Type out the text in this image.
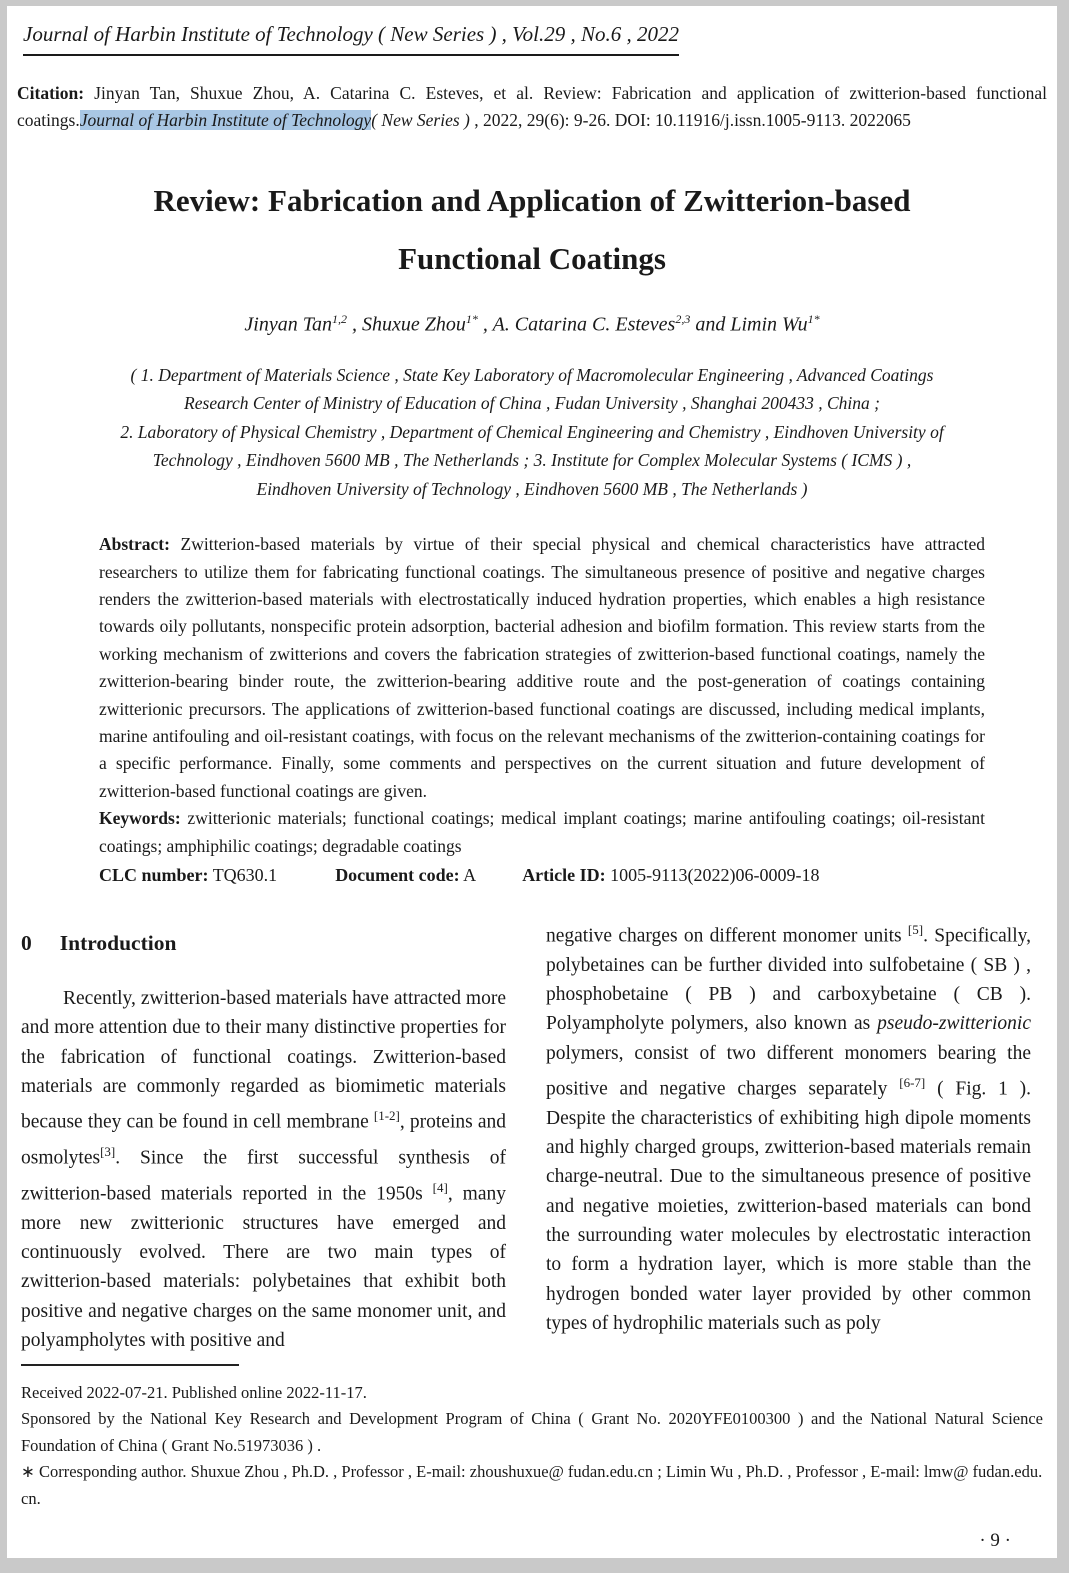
Journal of Harbin Institute of Technology ( New Series ) , Vol.29 , No.6 , 2022
Citation: Jinyan Tan, Shuxue Zhou, A. Catarina C. Esteves, et al. Review: Fabrication and application of zwitterion-based functional coatings.Journal of Harbin Institute of Technology( New Series ) , 2022, 29(6): 9-26. DOI: 10.11916/j.issn.1005-9113. 2022065
Review: Fabrication and Application of Zwitterion-based
Functional Coatings
Jinyan Tan$^{1,2}$ , Shuxue Zhou$^{1*}$ , A. Catarina C. Esteves$^{2,3}$ and Limin $Wu^{1*}$
( 1. Department of Materials Science , State Key Laboratory of Macromolecular Engineering , Advanced Coatings
Research Center of Ministry of Education of China , Fudan University , Shanghai 200433 , China ;
2. Laboratory of Physical Chemistry , Department of Chemical Engineering and Chemistry , Eindhoven University of
Technology , Eindhoven 5600 MB , The Netherlands ; 3. Institute for Complex Molecular Systems ( ICMS ) ,
Eindhoven University of Technology , Eindhoven 5600 MB , The Netherlands )
Abstract: Zwitterion-based materials by virtue of their special physical and chemical characteristics have attracted researchers to utilize them for fabricating functional coatings. The simultaneous presence of positive and negative charges renders the zwitterion-based materials with electrostatically induced hydration properties, which enables a high resistance towards oily pollutants, nonspecific protein adsorption, bacterial adhesion and biofilm formation. This review starts from the working mechanism of zwitterions and covers the fabrication strategies of zwitterion-based functional coatings, namely the zwitterion-bearing binder route, the zwitterion-bearing additive route and the post-generation of coatings containing zwitterionic precursors. The applications of zwitterion-based functional coatings are discussed, including medical implants, marine antifouling and oil-resistant coatings, with focus on the relevant mechanisms of the zwitterion-containing coatings for a specific performance. Finally, some comments and perspectives on the current situation and future development of zwitterion-based functional coatings are given.
Keywords: zwitterionic materials; functional coatings; medical implant coatings; marine antifouling coatings; oil-resistant coatings; amphiphilic coatings; degradable coatings
CLC number: TQ630.1	Document code: A	Article ID: 1005-9113(2022)06-0009-18
0 Introduction
Recently, zwitterion-based materials have attracted more and more attention due to their many distinctive properties for the fabrication of functional coatings. Zwitterion-based materials are commonly regarded as biomimetic materials because they can be found in cell membrane [1-2], proteins and osmolytes[3]. Since the first successful synthesis of zwitterion-based materials reported in the 1950s [4], many more new zwitterionic structures have emerged and continuously evolved. There are two main types of zwitterion-based materials: polybetaines that exhibit both positive and negative charges on the same monomer unit, and polyampholytes with positive and
negative charges on different monomer units [5]. Specifically, polybetaines can be further divided into sulfobetaine ( SB ) , phosphobetaine ( PB ) and carboxybetaine ( CB ). Polyampholyte polymers, also known as pseudo-zwitterionic polymers, consist of two different monomers bearing the positive and negative charges separately [6-7] ( Fig. 1 ). Despite the characteristics of exhibiting high dipole moments and highly charged groups, zwitterion-based materials remain charge-neutral. Due to the simultaneous presence of positive and negative moieties, zwitterion-based materials can bond the surrounding water molecules by electrostatic interaction to form a hydration layer, which is more stable than the hydrogen bonded water layer provided by other common types of hydrophilic materials such as poly
Received 2022-07-21. Published online 2022-11-17.
Sponsored by the National Key Research and Development Program of China ( Grant No. 2020YFE0100300 ) and the National Natural Science Foundation of China ( Grant No.51973036 ) .
∗ Corresponding author. Shuxue Zhou , Ph.D. , Professor , E-mail: zhoushuxue@ fudan.edu.cn ; Limin Wu , Ph.D. , Professor , E-mail: lmw@ fudan.edu. cn.
· 9 ·
